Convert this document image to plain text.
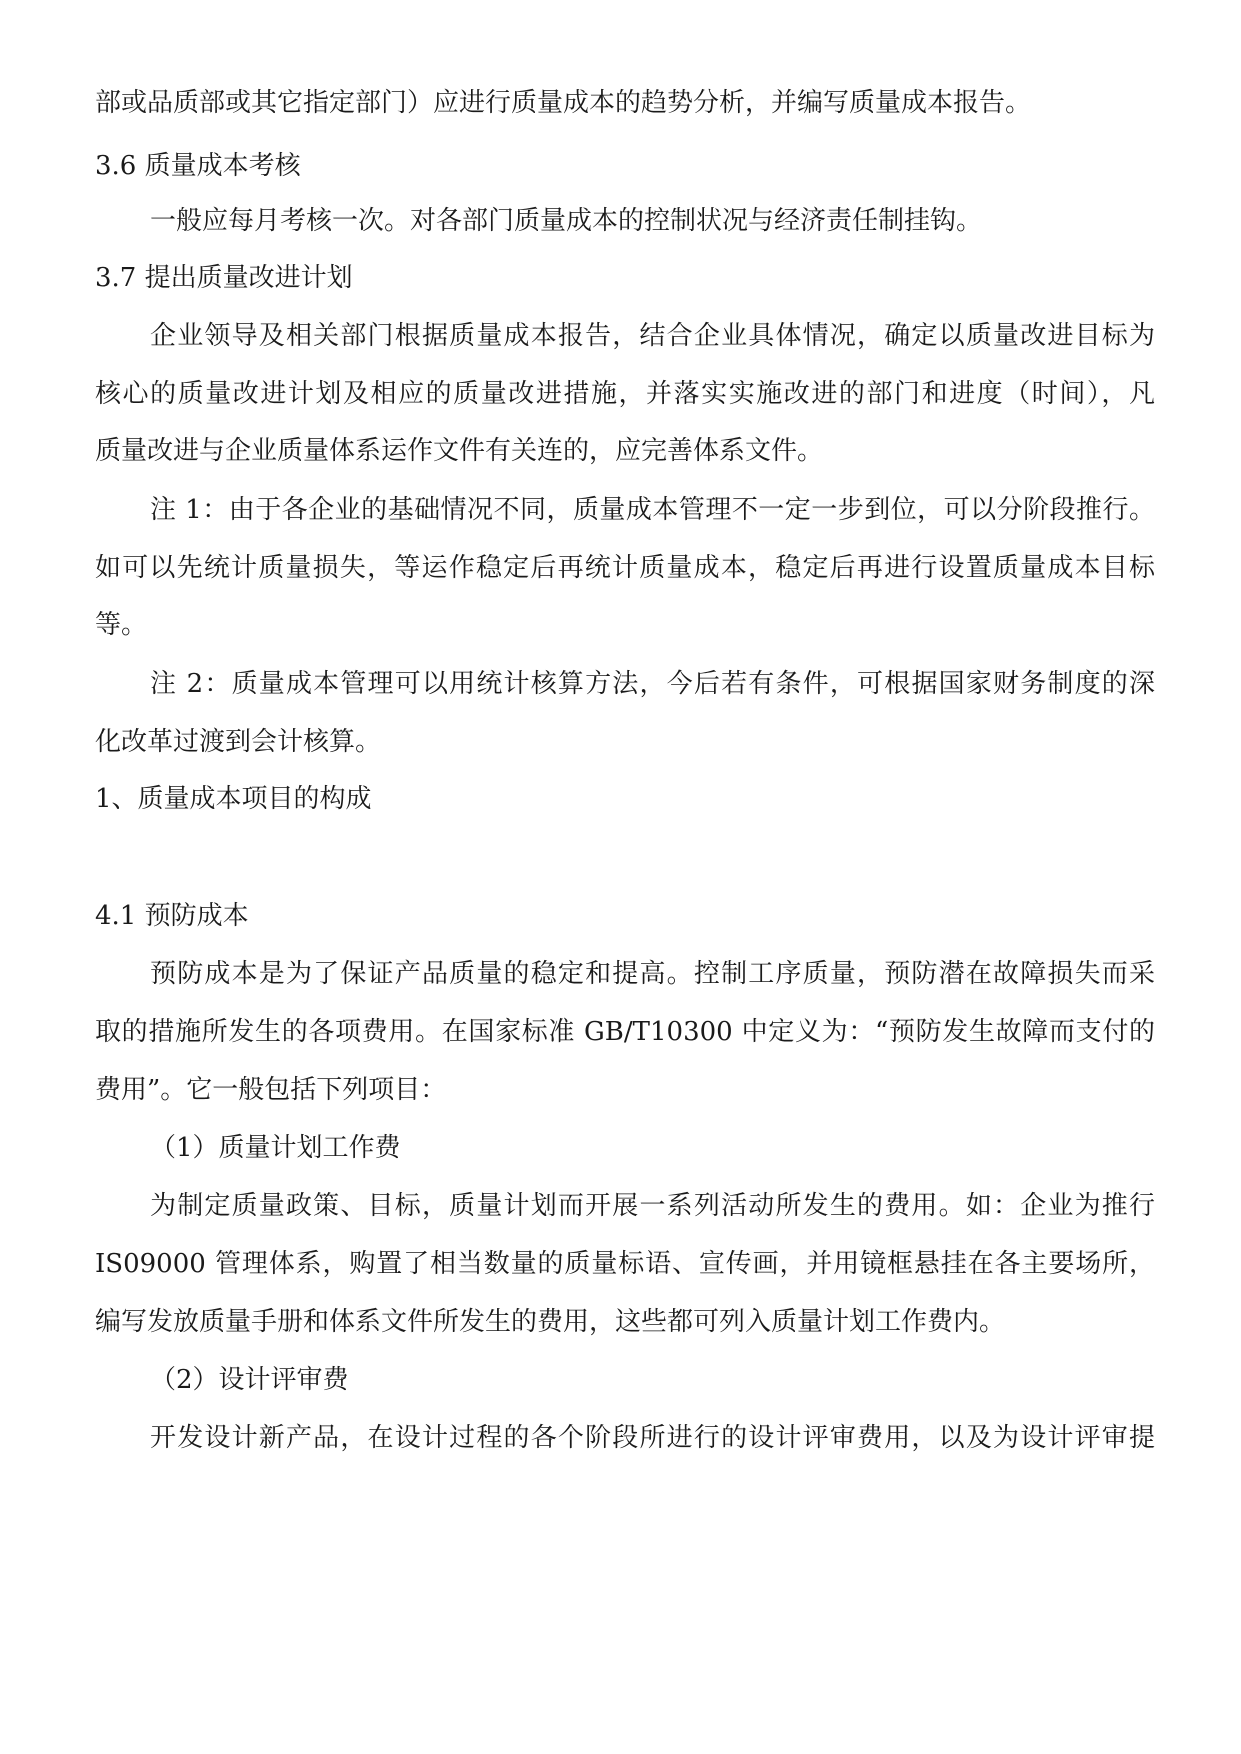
部或品质部或其它指定部门）应进行质量成本的趋势分析，并编写质量成本报告。

3.6 质量成本考核

一般应每月考核一次。对各部门质量成本的控制状况与经济责任制挂钩。

3.7 提出质量改进计划

企业领导及相关部门根据质量成本报告，结合企业具体情况，确定以质量改进目标为

核心的质量改进计划及相应的质量改进措施，并落实实施改进的部门和进度（时间），凡

质量改进与企业质量体系运作文件有关连的，应完善体系文件。

注 1：由于各企业的基础情况不同，质量成本管理不一定一步到位，可以分阶段推行。

如可以先统计质量损失，等运作稳定后再统计质量成本，稳定后再进行设置质量成本目标

等。

注 2：质量成本管理可以用统计核算方法，今后若有条件，可根据国家财务制度的深

化改革过渡到会计核算。

1、质量成本项目的构成

4.1 预防成本

预防成本是为了保证产品质量的稳定和提高。控制工序质量，预防潜在故障损失而采

取的措施所发生的各项费用。在国家标准 GB/T10300 中定义为：“预防发生故障而支付的

费用”。它一般包括下列项目：

（1）质量计划工作费

为制定质量政策、目标，质量计划而开展一系列活动所发生的费用。如：企业为推行

IS09000 管理体系，购置了相当数量的质量标语、宣传画，并用镜框悬挂在各主要场所，

编写发放质量手册和体系文件所发生的费用，这些都可列入质量计划工作费内。

（2）设计评审费

开发设计新产品，在设计过程的各个阶段所进行的设计评审费用，以及为设计评审提
